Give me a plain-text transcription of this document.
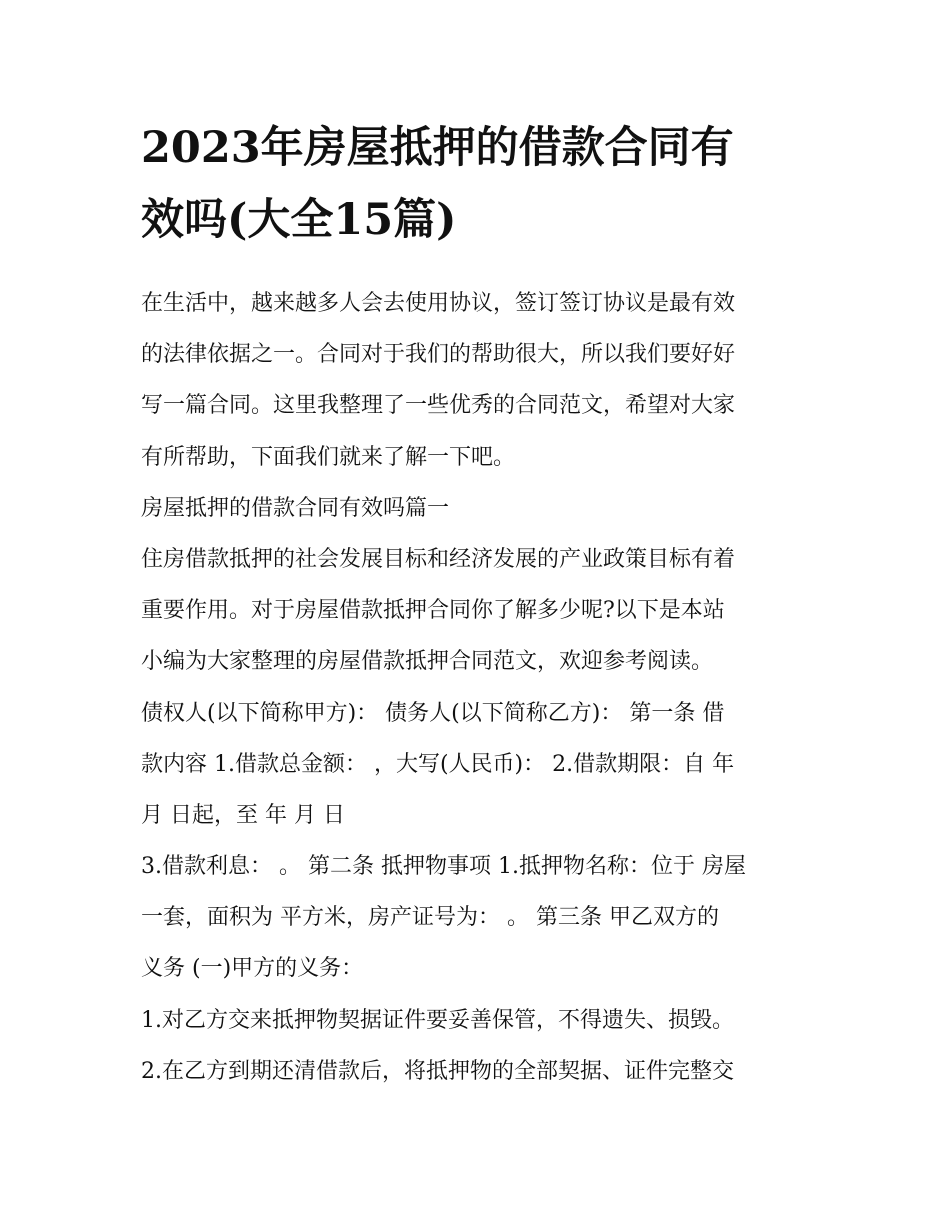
2023年房屋抵押的借款合同有
效吗(大全15篇)
在生活中，越来越多人会去使用协议，签订签订协议是最有效
的法律依据之一。合同对于我们的帮助很大，所以我们要好好
写一篇合同。这里我整理了一些优秀的合同范文，希望对大家
有所帮助，下面我们就来了解一下吧。
房屋抵押的借款合同有效吗篇一
住房借款抵押的社会发展目标和经济发展的产业政策目标有着
重要作用。对于房屋借款抵押合同你了解多少呢?以下是本站
小编为大家整理的房屋借款抵押合同范文，欢迎参考阅读。
债权人(以下简称甲方)： 债务人(以下简称乙方)： 第一条 借
款内容 1.借款总金额： ，大写(人民币)： 2.借款期限：自 年
月 日起，至 年 月 日
3.借款利息： 。 第二条 抵押物事项 1.抵押物名称：位于 房屋
一套，面积为 平方米，房产证号为： 。 第三条 甲乙双方的
义务 (一)甲方的义务：
1.对乙方交来抵押物契据证件要妥善保管，不得遗失、损毁。
2.在乙方到期还清借款后，将抵押物的全部契据、证件完整交
